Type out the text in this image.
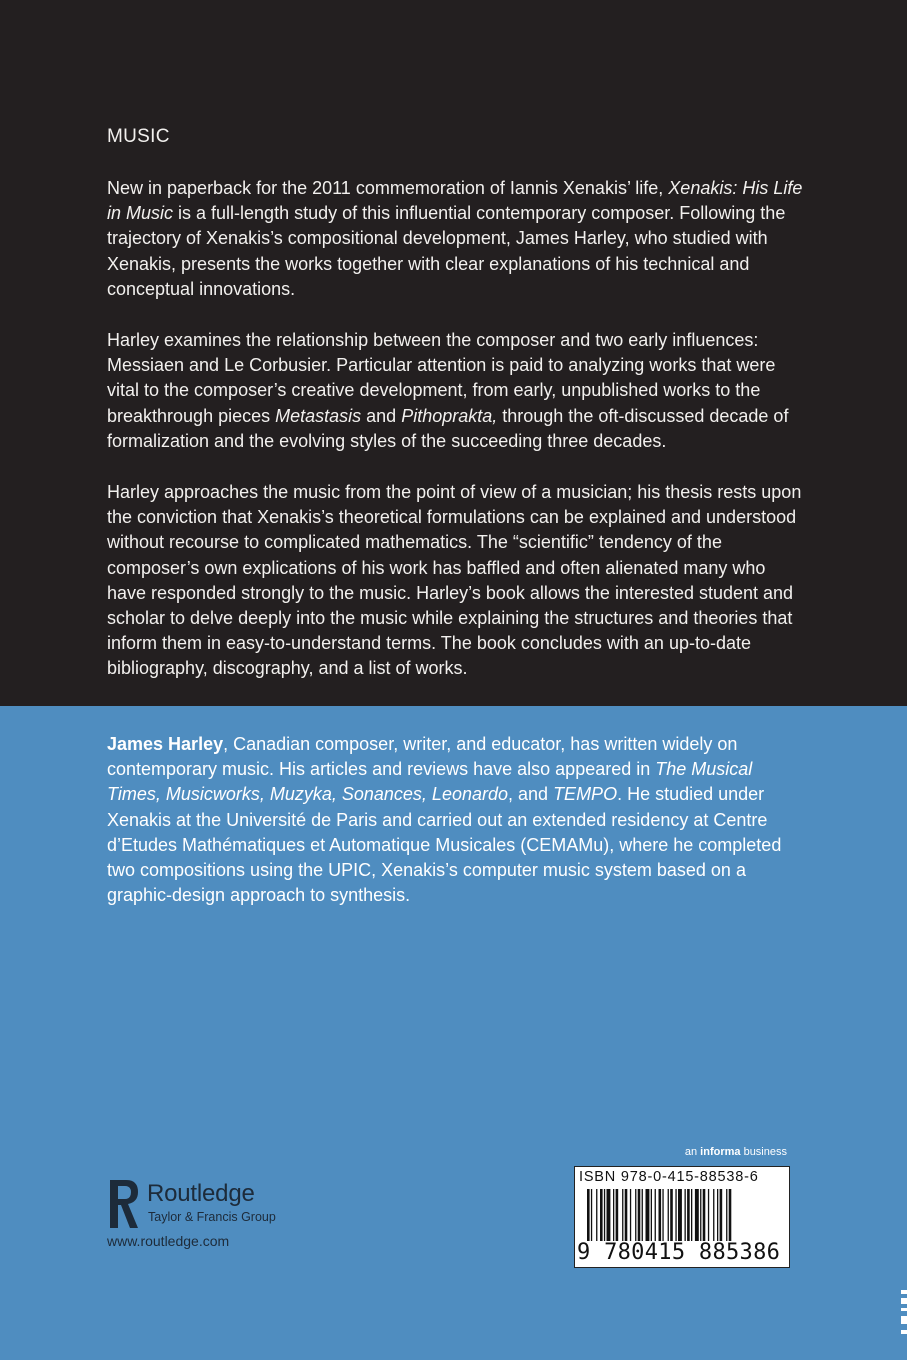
MUSIC

New in paperback for the 2011 commemoration of Iannis Xenakis’ life, Xenakis: His Life in Music is a full-length study of this influential contemporary composer. Following the trajectory of Xenakis’s compositional development, James Harley, who studied with Xenakis, presents the works together with clear explanations of his technical and conceptual innovations.

Harley examines the relationship between the composer and two early influences: Messiaen and Le Corbusier. Particular attention is paid to analyzing works that were vital to the composer’s creative development, from early, unpublished works to the breakthrough pieces Metastasis and Pithoprakta, through the oft-discussed decade of formalization and the evolving styles of the succeeding three decades.

Harley approaches the music from the point of view of a musician; his thesis rests upon the conviction that Xenakis’s theoretical formulations can be explained and understood without recourse to complicated mathematics. The “scientific” tendency of the composer’s own explications of his work has baffled and often alienated many who have responded strongly to the music. Harley’s book allows the interested student and scholar to delve deeply into the music while explaining the structures and theories that inform them in easy-to-understand terms. The book concludes with an up-to-date bibliography, discography, and a list of works.

James Harley, Canadian composer, writer, and educator, has written widely on contemporary music. His articles and reviews have also appeared in The Musical Times, Musicworks, Muzyka, Sonances, Leonardo, and TEMPO. He studied under Xenakis at the Université de Paris and carried out an extended residency at Centre d’Etudes Mathématiques et Automatique Musicales (CEMAMu), where he completed two compositions using the UPIC, Xenakis’s computer music system based on a graphic-design approach to synthesis.

an informa business
ISBN 978-0-415-88538-6
9 780415 885386
Routledge
Taylor & Francis Group
www.routledge.com
